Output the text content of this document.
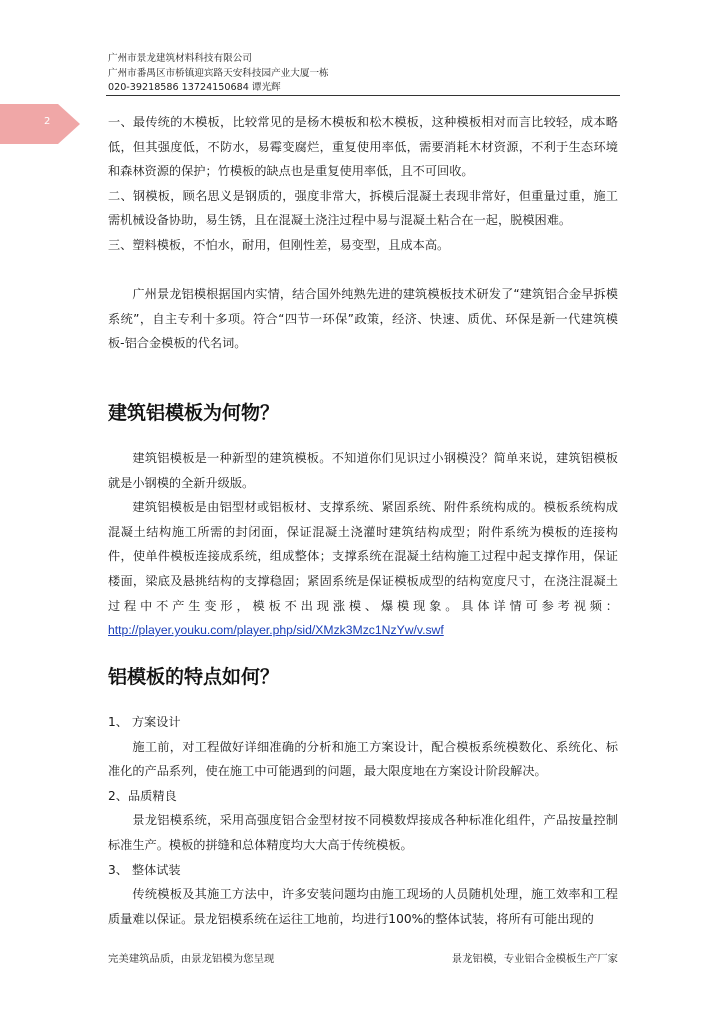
广州市景龙建筑材料科技有限公司
广州市番禺区市桥镇迎宾路天安科技园产业大厦一栋
020-39218586 13724150684 谭光辉
2	一、最传统的木模板，比较常见的是杨木模板和松木模板，这种模板相对而言比较轻，成本略低，但其强度低，不防水，易霉变腐烂，重复使用率低，需要消耗木材资源，不利于生态环境和森林资源的保护；竹模板的缺点也是重复使用率低，且不可回收。

二、钢模板，顾名思义是钢质的，强度非常大，拆模后混凝土表现非常好，但重量过重，施工需机械设备协助，易生锈，且在混凝土浇注过程中易与混凝土粘合在一起，脱模困难。

三、塑料模板，不怕水，耐用，但刚性差，易变型，且成本高。

广州景龙铝模根据国内实情，结合国外纯熟先进的建筑模板技术研发了“建筑铝合金早拆模系统”，自主专利十多项。符合“四节一环保”政策，经济、快速、质优、环保是新一代建筑模板-铝合金模板的代名词。

建筑铝模板为何物？

建筑铝模板是一种新型的建筑模板。不知道你们见识过小钢模没？简单来说，建筑铝模板就是小钢模的全新升级版。

建筑铝模板是由铝型材或铝板材、支撑系统、紧固系统、附件系统构成的。模板系统构成混凝土结构施工所需的封闭面，保证混凝土浇灌时建筑结构成型；附件系统为模板的连接构件，使单件模板连接成系统，组成整体；支撑系统在混凝土结构施工过程中起支撑作用，保证楼面，梁底及悬挑结构的支撑稳固；紧固系统是保证模板成型的结构宽度尺寸，在浇注混凝土过程中不产生变形，模板不出现涨模、爆模现象。具体详情可参考视频：http://player.youku.com/player.php/sid/XMzk3Mzc1NzYw/v.swf

铝模板的特点如何？

1、 方案设计

施工前，对工程做好详细准确的分析和施工方案设计，配合模板系统模数化、系统化、标准化的产品系列，使在施工中可能遇到的问题，最大限度地在方案设计阶段解决。

2、品质精良

景龙铝模系统，采用高强度铝合金型材按不同模数焊接成各种标准化组件，产品按量控制标准生产。模板的拼缝和总体精度均大大高于传统模板。

3、 整体试装

传统模板及其施工方法中，许多安装问题均由施工现场的人员随机处理，施工效率和工程质量难以保证。景龙铝模系统在运往工地前，均进行100%的整体试装，将所有可能出现的

完美建筑品质，由景龙铝模为您呈现	景龙铝模，专业铝合金模板生产厂家
